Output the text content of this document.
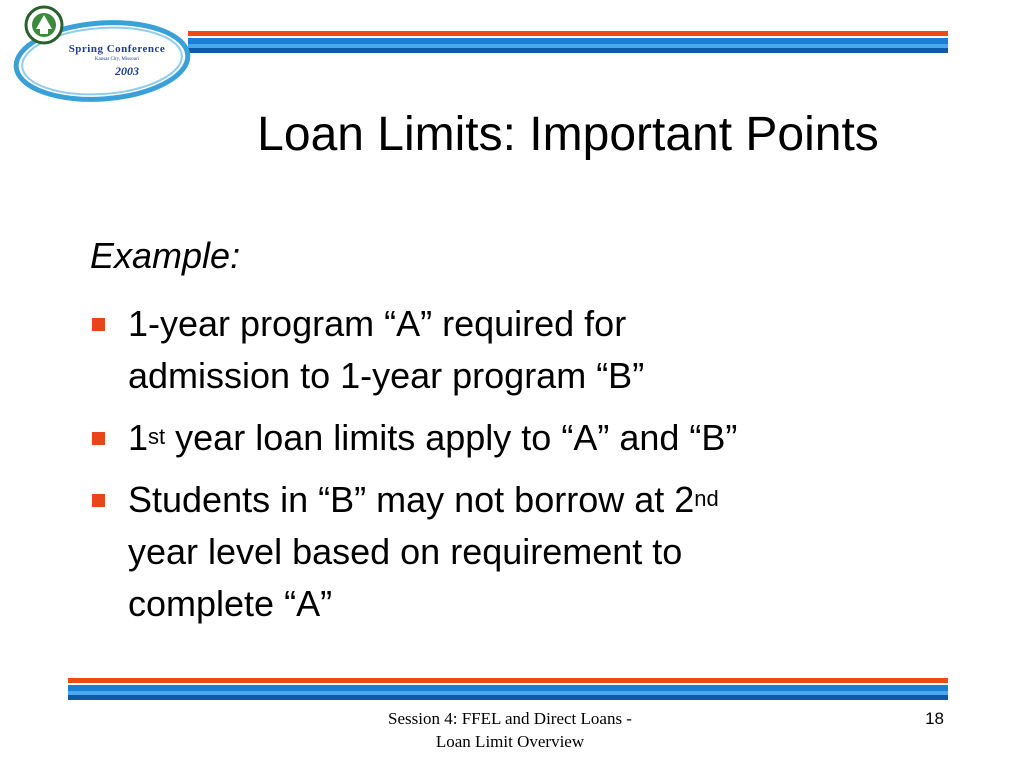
Spring Conference
Kansas City, Missouri
2003
Loan Limits: Important Points
Example:
1-year program “A” required for
admission to 1-year program “B”
1st year loan limits apply to “A” and “B”
Students in “B” may not borrow at 2nd
year level based on requirement to
complete “A”
Session 4: FFEL and Direct Loans -
Loan Limit Overview
18
